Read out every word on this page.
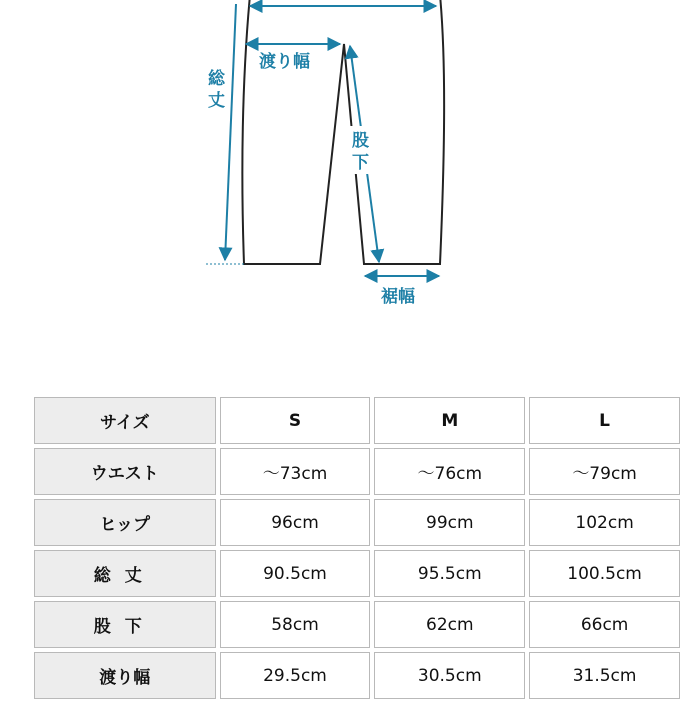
総
丈
渡り幅
股
下
裾幅
サイズ	S	M	L
ウエスト	〜73cm	〜76cm	〜79cm
ヒップ	96cm	99cm	102cm
総丈	90.5cm	95.5cm	100.5cm
股下	58cm	62cm	66cm
渡り幅	29.5cm	30.5cm	31.5cm
